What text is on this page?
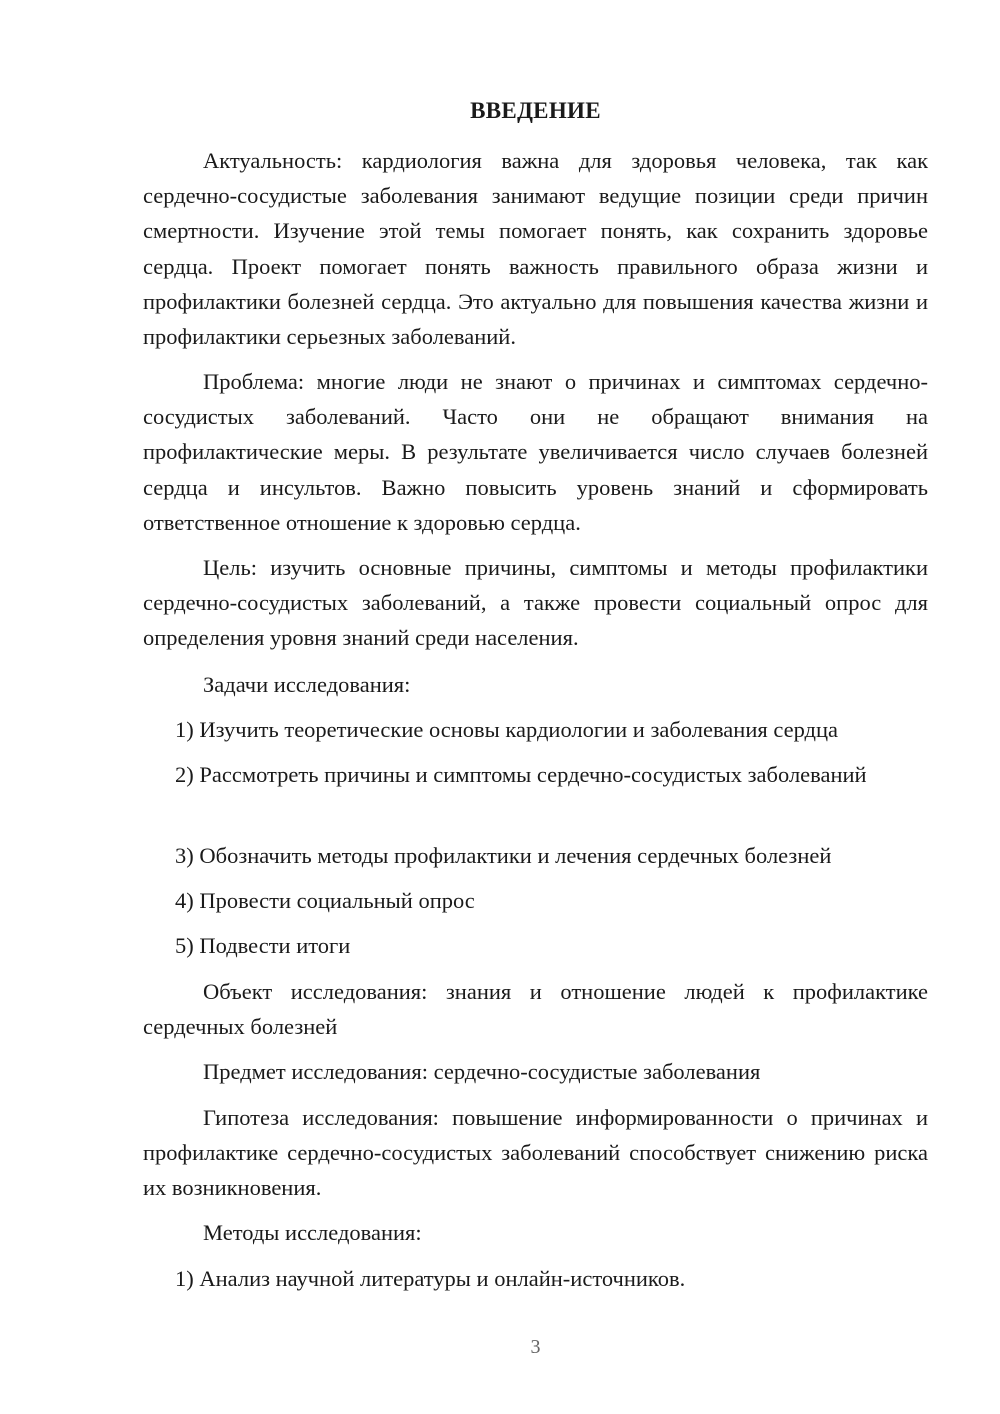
ВВЕДЕНИЕ

Актуальность: кардиология важна для здоровья человека, так как сердечно-сосудистые заболевания занимают ведущие позиции среди причин смертности. Изучение этой темы помогает понять, как сохранить здоровье сердца. Проект помогает понять важность правильного образа жизни и профилактики болезней сердца. Это актуально для повышения качества жизни и профилактики серьезных заболеваний.

Проблема: многие люди не знают о причинах и симптомах сердечно-сосудистых заболеваний. Часто они не обращают внимания на профилактические меры. В результате увеличивается число случаев болезней сердца и инсультов. Важно повысить уровень знаний и сформировать ответственное отношение к здоровью сердца.

Цель: изучить основные причины, симптомы и методы профилактики сердечно-сосудистых заболеваний, а также провести социальный опрос для определения уровня знаний среди населения.

Задачи исследования:

1) Изучить теоретические основы кардиологии и заболевания сердца

2) Рассмотреть причины и симптомы сердечно-сосудистых заболеваний

3) Обозначить методы профилактики и лечения сердечных болезней

4) Провести социальный опрос

5) Подвести итоги

Объект исследования: знания и отношение людей к профилактике сердечных болезней

Предмет исследования: сердечно-сосудистые заболевания

Гипотеза исследования: повышение информированности о причинах и профилактике сердечно-сосудистых заболеваний способствует снижению риска их возникновения.

Методы исследования:

1) Анализ научной литературы и онлайн-источников.

3
